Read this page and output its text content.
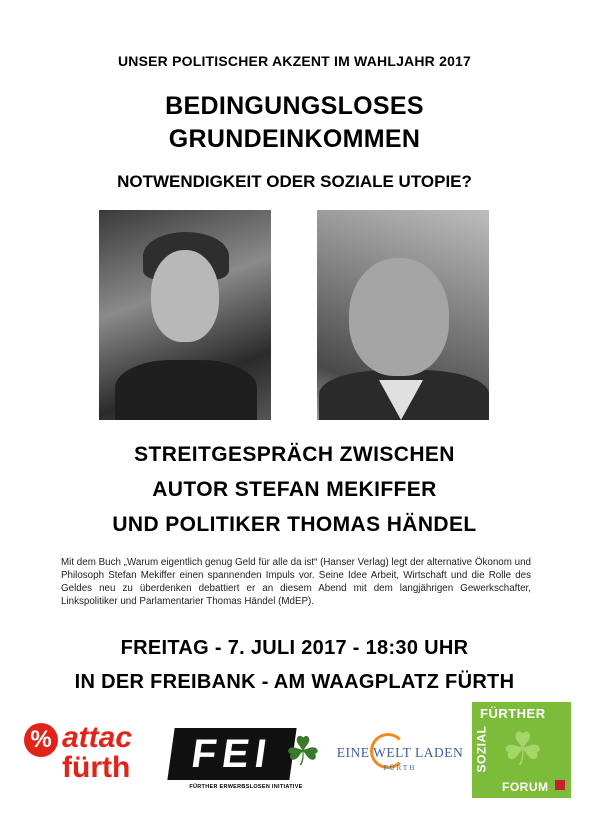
UNSER POLITISCHER AKZENT IM WAHLJAHR 2017
BEDINGUNGSLOSES
GRUNDEINKOMMEN
NOTWENDIGKEIT ODER SOZIALE UTOPIE?
STREITGESPRÄCH ZWISCHEN
AUTOR STEFAN MEKIFFER
UND POLITIKER THOMAS HÄNDEL
Mit dem Buch „Warum eigentlich genug Geld für alle da ist“ (Hanser Verlag) legt der alternative Ökonom und Philosoph Stefan Mekiffer einen spannenden Impuls vor. Seine Idee Arbeit, Wirtschaft und die Rolle des Geldes neu zu überdenken debattiert er an diesem Abend mit dem langjährigen Gewerkschafter, Linkspolitiker und Parlamentarier Thomas Händel (MdEP).
FREITAG - 7. JULI 2017 - 18:30 UHR
IN DER FREIBANK - AM WAAGPLATZ FÜRTH
% attac
fürth	FEI ☘
FÜRTHER ERWERBSLOSEN INITIATIVE
EINE WELT LADEN
FÜRTH	☘
FÜRTHER
SOZIAL
FORUM
